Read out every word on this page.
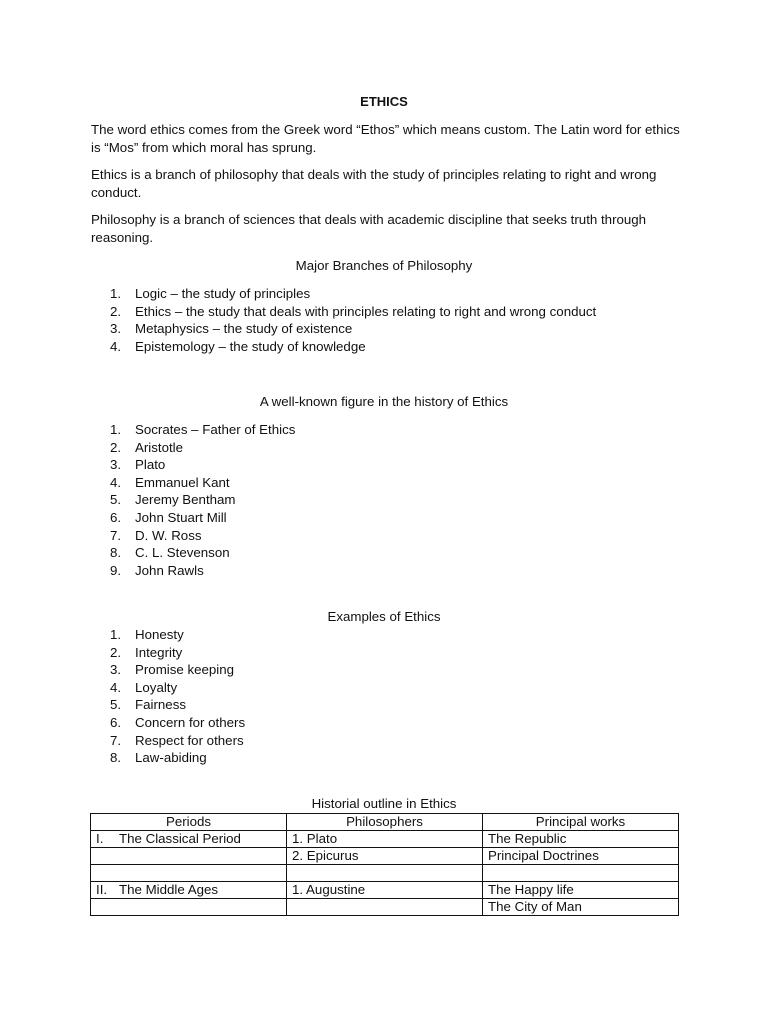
ETHICS
The word ethics comes from the Greek word “Ethos” which means custom. The Latin word for ethics is “Mos” from which moral has sprung.
Ethics is a branch of philosophy that deals with the study of principles relating to right and wrong conduct.
Philosophy is a branch of sciences that deals with academic discipline that seeks truth through reasoning.
Major Branches of Philosophy
1. Logic – the study of principles
2. Ethics – the study that deals with principles relating to right and wrong conduct
3. Metaphysics – the study of existence
4. Epistemology – the study of knowledge
A well-known figure in the history of Ethics
1. Socrates – Father of Ethics
2. Aristotle
3. Plato
4. Emmanuel Kant
5. Jeremy Bentham
6. John Stuart Mill
7. D. W. Ross
8. C. L. Stevenson
9. John Rawls
Examples of Ethics
1. Honesty
2. Integrity
3. Promise keeping
4. Loyalty
5. Fairness
6. Concern for others
7. Respect for others
8. Law-abiding
Historial outline in Ethics
Periods	Philosophers	Principal works
I. The Classical Period	1. Plato	The Republic
	2. Epicurus	Principal Doctrines

II. The Middle Ages	1. Augustine	The Happy life
		The City of Man
